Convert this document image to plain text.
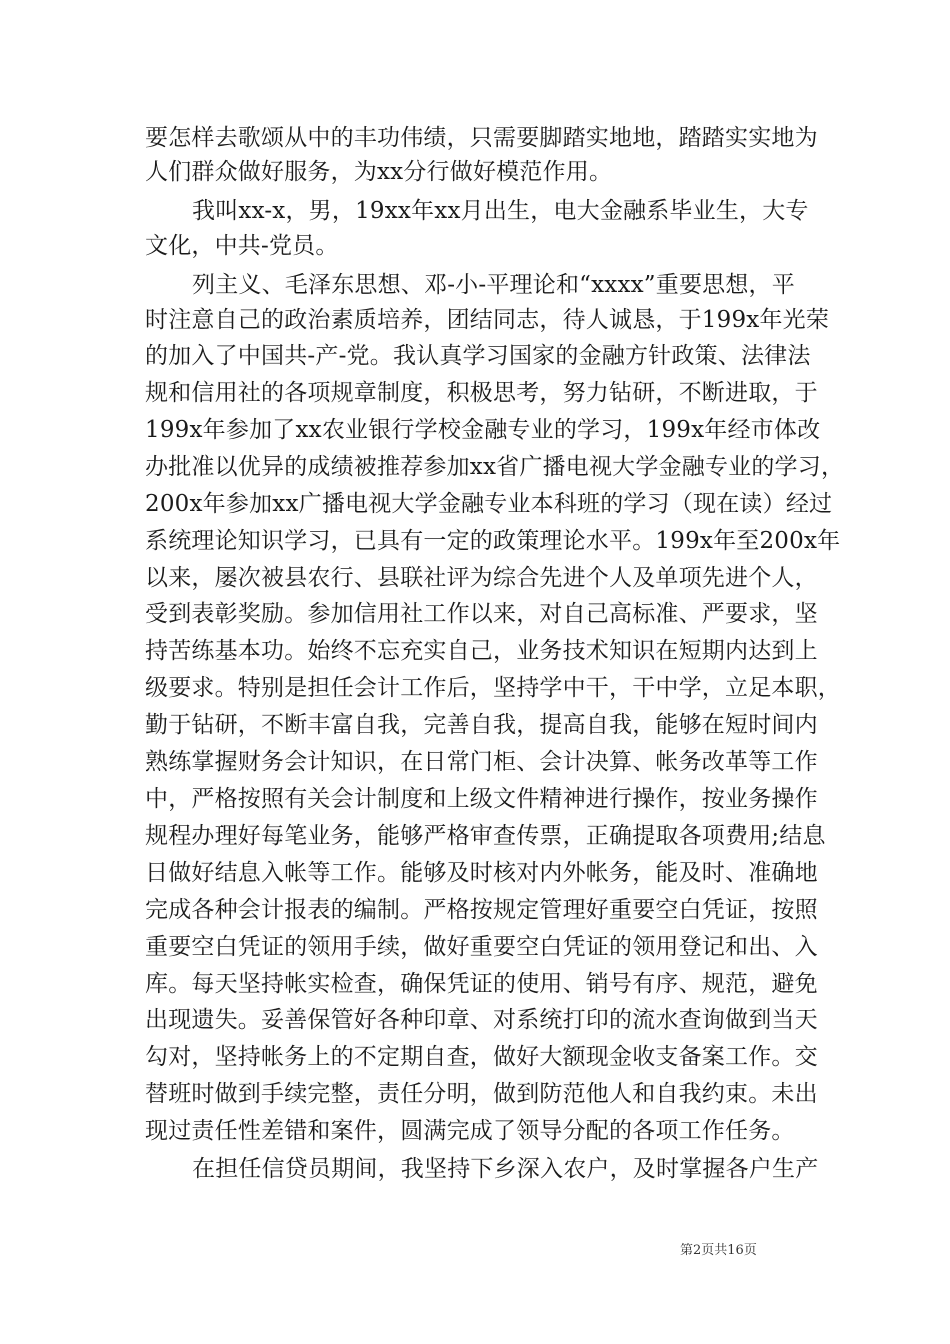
要怎样去歌颂从中的丰功伟绩，只需要脚踏实地地，踏踏实实地为
人们群众做好服务，为xx分行做好模范作用。
我叫xx-x，男，19xx年xx月出生，电大金融系毕业生，大专
文化，中共-党员。
列主义、毛泽东思想、邓-小-平理论和“xxxx”重要思想，平
时注意自己的政治素质培养，团结同志，待人诚恳，于199x年光荣
的加入了中国共-产-党。我认真学习国家的金融方针政策、法律法
规和信用社的各项规章制度，积极思考，努力钻研，不断进取，于
199x年参加了xx农业银行学校金融专业的学习，199x年经市体改
办批准以优异的成绩被推荐参加xx省广播电视大学金融专业的学习，
200x年参加xx广播电视大学金融专业本科班的学习（现在读）经过
系统理论知识学习，已具有一定的政策理论水平。199x年至200x年
以来，屡次被县农行、县联社评为综合先进个人及单项先进个人，
受到表彰奖励。参加信用社工作以来，对自己高标准、严要求，坚
持苦练基本功。始终不忘充实自己，业务技术知识在短期内达到上
级要求。特别是担任会计工作后，坚持学中干，干中学，立足本职，
勤于钻研，不断丰富自我，完善自我，提高自我，能够在短时间内
熟练掌握财务会计知识，在日常门柜、会计决算、帐务改革等工作
中，严格按照有关会计制度和上级文件精神进行操作，按业务操作
规程办理好每笔业务，能够严格审查传票，正确提取各项费用;结息
日做好结息入帐等工作。能够及时核对内外帐务，能及时、准确地
完成各种会计报表的编制。严格按规定管理好重要空白凭证，按照
重要空白凭证的领用手续，做好重要空白凭证的领用登记和出、入
库。每天坚持帐实检查，确保凭证的使用、销号有序、规范，避免
出现遗失。妥善保管好各种印章、对系统打印的流水查询做到当天
勾对，坚持帐务上的不定期自查，做好大额现金收支备案工作。交
替班时做到手续完整，责任分明，做到防范他人和自我约束。未出
现过责任性差错和案件，圆满完成了领导分配的各项工作任务。
在担任信贷员期间，我坚持下乡深入农户，及时掌握各户生产
第2页共16页
